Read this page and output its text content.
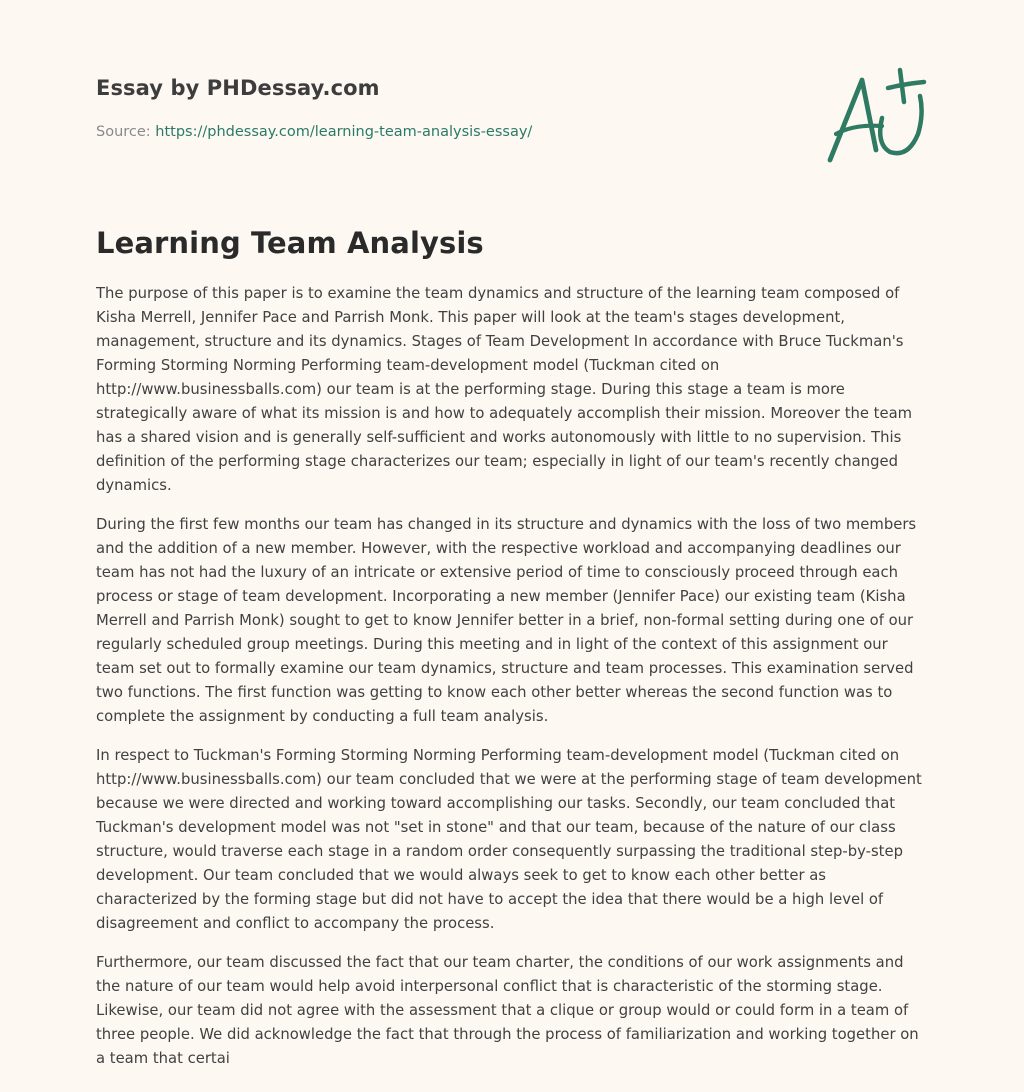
Essay by PHDessay.com
Source: https://phdessay.com/learning-team-analysis-essay/
Learning Team Analysis

The purpose of this paper is to examine the team dynamics and structure of the learning team composed of Kisha Merrell, Jennifer Pace and Parrish Monk. This paper will look at the team's stages development, management, structure and its dynamics. Stages of Team Development In accordance with Bruce Tuckman's Forming Storming Norming Performing team-development model (Tuckman cited on http://www.businessballs.com) our team is at the performing stage. During this stage a team is more strategically aware of what its mission is and how to adequately accomplish their mission. Moreover the team has a shared vision and is generally self-sufficient and works autonomously with little to no supervision. This definition of the performing stage characterizes our team; especially in light of our team's recently changed dynamics.

During the first few months our team has changed in its structure and dynamics with the loss of two members and the addition of a new member. However, with the respective workload and accompanying deadlines our team has not had the luxury of an intricate or extensive period of time to consciously proceed through each process or stage of team development. Incorporating a new member (Jennifer Pace) our existing team (Kisha Merrell and Parrish Monk) sought to get to know Jennifer better in a brief, non-formal setting during one of our regularly scheduled group meetings. During this meeting and in light of the context of this assignment our team set out to formally examine our team dynamics, structure and team processes. This examination served two functions. The first function was getting to know each other better whereas the second function was to complete the assignment by conducting a full team analysis.

In respect to Tuckman's Forming Storming Norming Performing team-development model (Tuckman cited on http://www.businessballs.com) our team concluded that we were at the performing stage of team development because we were directed and working toward accomplishing our tasks. Secondly, our team concluded that Tuckman's development model was not "set in stone" and that our team, because of the nature of our class structure, would traverse each stage in a random order consequently surpassing the traditional step-by-step development. Our team concluded that we would always seek to get to know each other better as characterized by the forming stage but did not have to accept the idea that there would be a high level of disagreement and conflict to accompany the process.

Furthermore, our team discussed the fact that our team charter, the conditions of our work assignments and the nature of our team would help avoid interpersonal conflict that is characteristic of the storming stage. Likewise, our team did not agree with the assessment that a clique or group would or could form in a team of three people. We did acknowledge the fact that through the process of familiarization and working together on a team that certai
